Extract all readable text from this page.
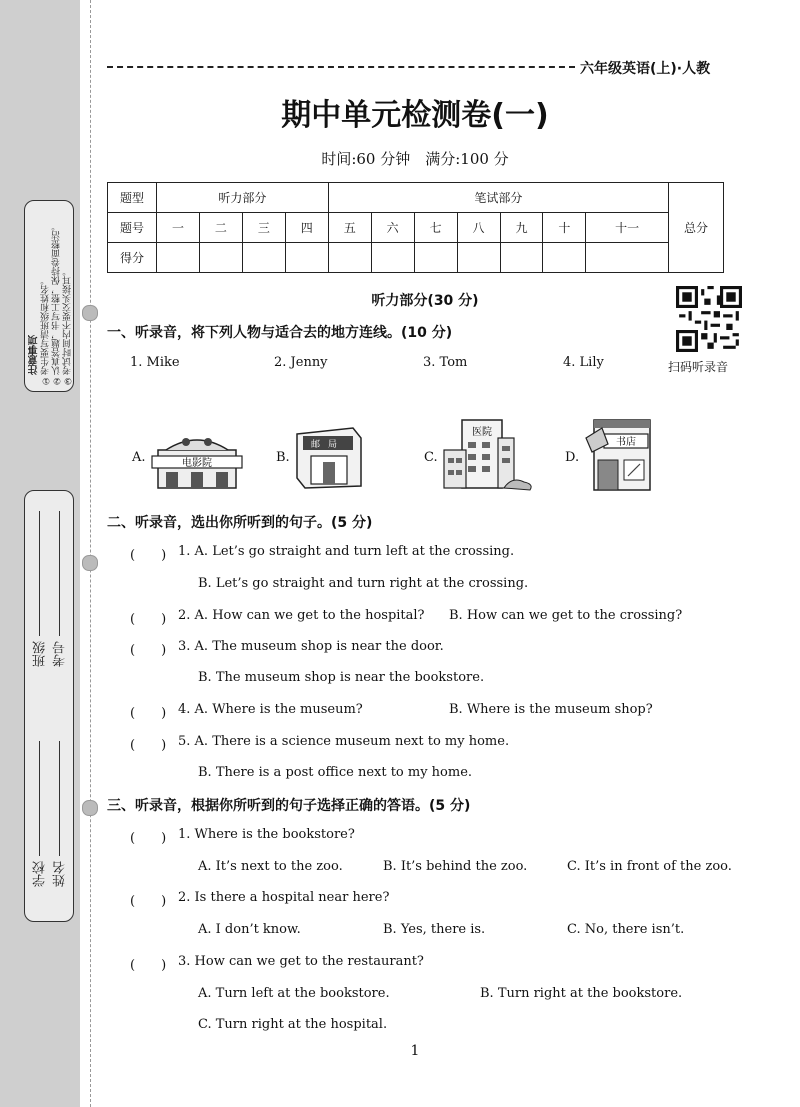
注意事项 ①考生要写清班级和姓名。 ②认真答题，书写工整，保持卷面整洁。 ③考试时间内不要交头接耳。
学校 姓名
班级 考号
六年级英语(上)·人教
期中单元检测卷(一)
时间:60 分钟　满分:100 分
题型	听力部分				笔试部分							总分
题号	一	二	三	四	五	六	七	八	九	十	十一	
得分												
听力部分(30 分)
扫码听录音
一、听录音，将下列人物与适合去的地方连线。(10 分)
1. Mike	2. Jenny	3. Tom	4. Lily
A.	电影院	B.
邮局
C.
医院
D.
书店
二、听录音，选出你所听到的句子。(5 分)
(　　) 1. A. Let’s go straight and turn left at the crossing.
B. Let’s go straight and turn right at the crossing.
(　　) 2. A. How can we get to the hospital? B. How can we get to the crossing?
(　　) 3. A. The museum shop is near the door.
B. The museum shop is near the bookstore.
(　　) 4. A. Where is the museum?	B. Where is the museum shop?
(　　) 5. A. There is a science museum next to my home.
B. There is a post office next to my home.
三、听录音，根据你所听到的句子选择正确的答语。(5 分)
(　　) 1. Where is the bookstore?
A. It’s next to the zoo.	B. It’s behind the zoo.	C. It’s in front of the zoo.
(　　) 2. Is there a hospital near here?
A. I don’t know.	B. Yes, there is.	C. No, there isn’t.
(　　) 3. How can we get to the restaurant?
A. Turn left at the bookstore.	B. Turn right at the bookstore.
C. Turn right at the hospital.
1
